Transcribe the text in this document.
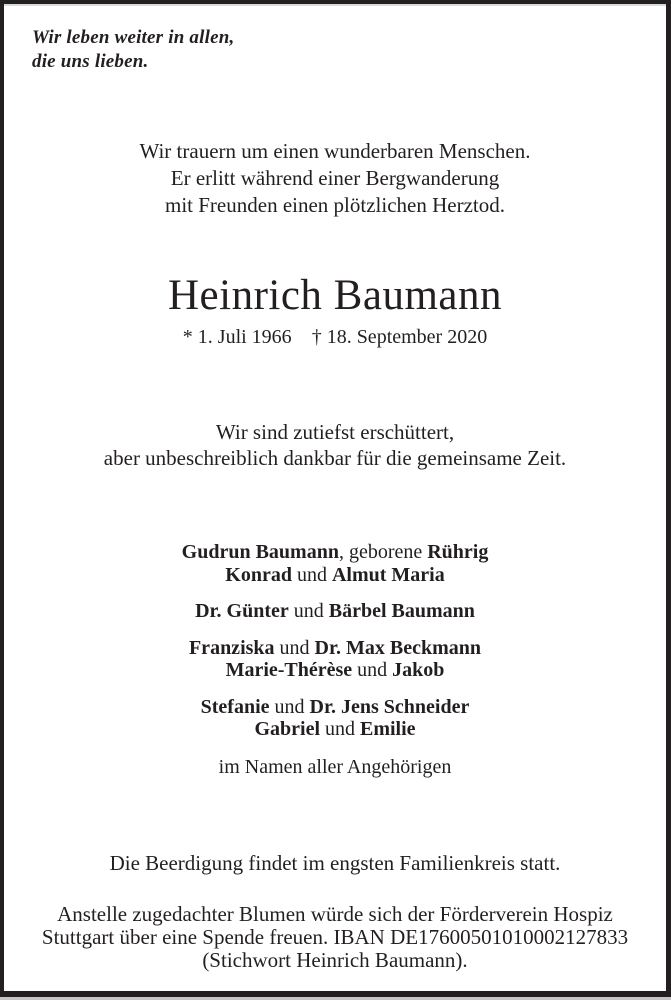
Wir leben weiter in allen,
die uns lieben.
Wir trauern um einen wunderbaren Menschen.
Er erlitt während einer Bergwanderung
mit Freunden einen plötzlichen Herztod.
Heinrich Baumann
* 1. Juli 1966 † 18. September 2020
Wir sind zutiefst erschüttert,
aber unbeschreiblich dankbar für die gemeinsame Zeit.
Gudrun Baumann, geborene Rührig
Konrad und Almut Maria
Dr. Günter und Bärbel Baumann
Franziska und Dr. Max Beckmann
Marie-Thérèse und Jakob
Stefanie und Dr. Jens Schneider
Gabriel und Emilie
im Namen aller Angehörigen
Die Beerdigung findet im engsten Familienkreis statt.
Anstelle zugedachter Blumen würde sich der Förderverein Hospiz
Stuttgart über eine Spende freuen. IBAN DE17600501010002127833
(Stichwort Heinrich Baumann).
